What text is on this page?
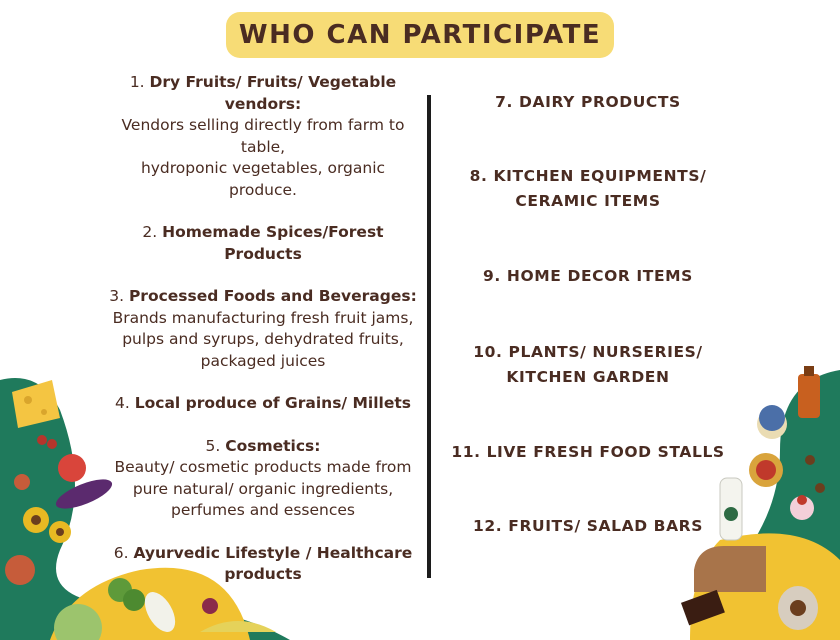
WHO CAN PARTICIPATE
1. Dry Fruits/ Fruits/ Vegetable vendors:
Vendors selling directly from farm to table,
hydroponic vegetables, organic produce.
2. Homemade Spices/Forest Products
3. Processed Foods and Beverages:
Brands manufacturing fresh fruit jams, pulps and syrups, dehydrated fruits, packaged juices
4. Local produce of Grains/ Millets
5. Cosmetics:
Beauty/ cosmetic products made from pure natural/ organic ingredients, perfumes and essences
6. Ayurvedic Lifestyle / Healthcare products
7. DAIRY PRODUCTS
8. KITCHEN EQUIPMENTS/ CERAMIC ITEMS
9. HOME DECOR ITEMS
10. PLANTS/ NURSERIES/ KITCHEN GARDEN
11. LIVE FRESH FOOD STALLS
12. FRUITS/ SALAD BARS
